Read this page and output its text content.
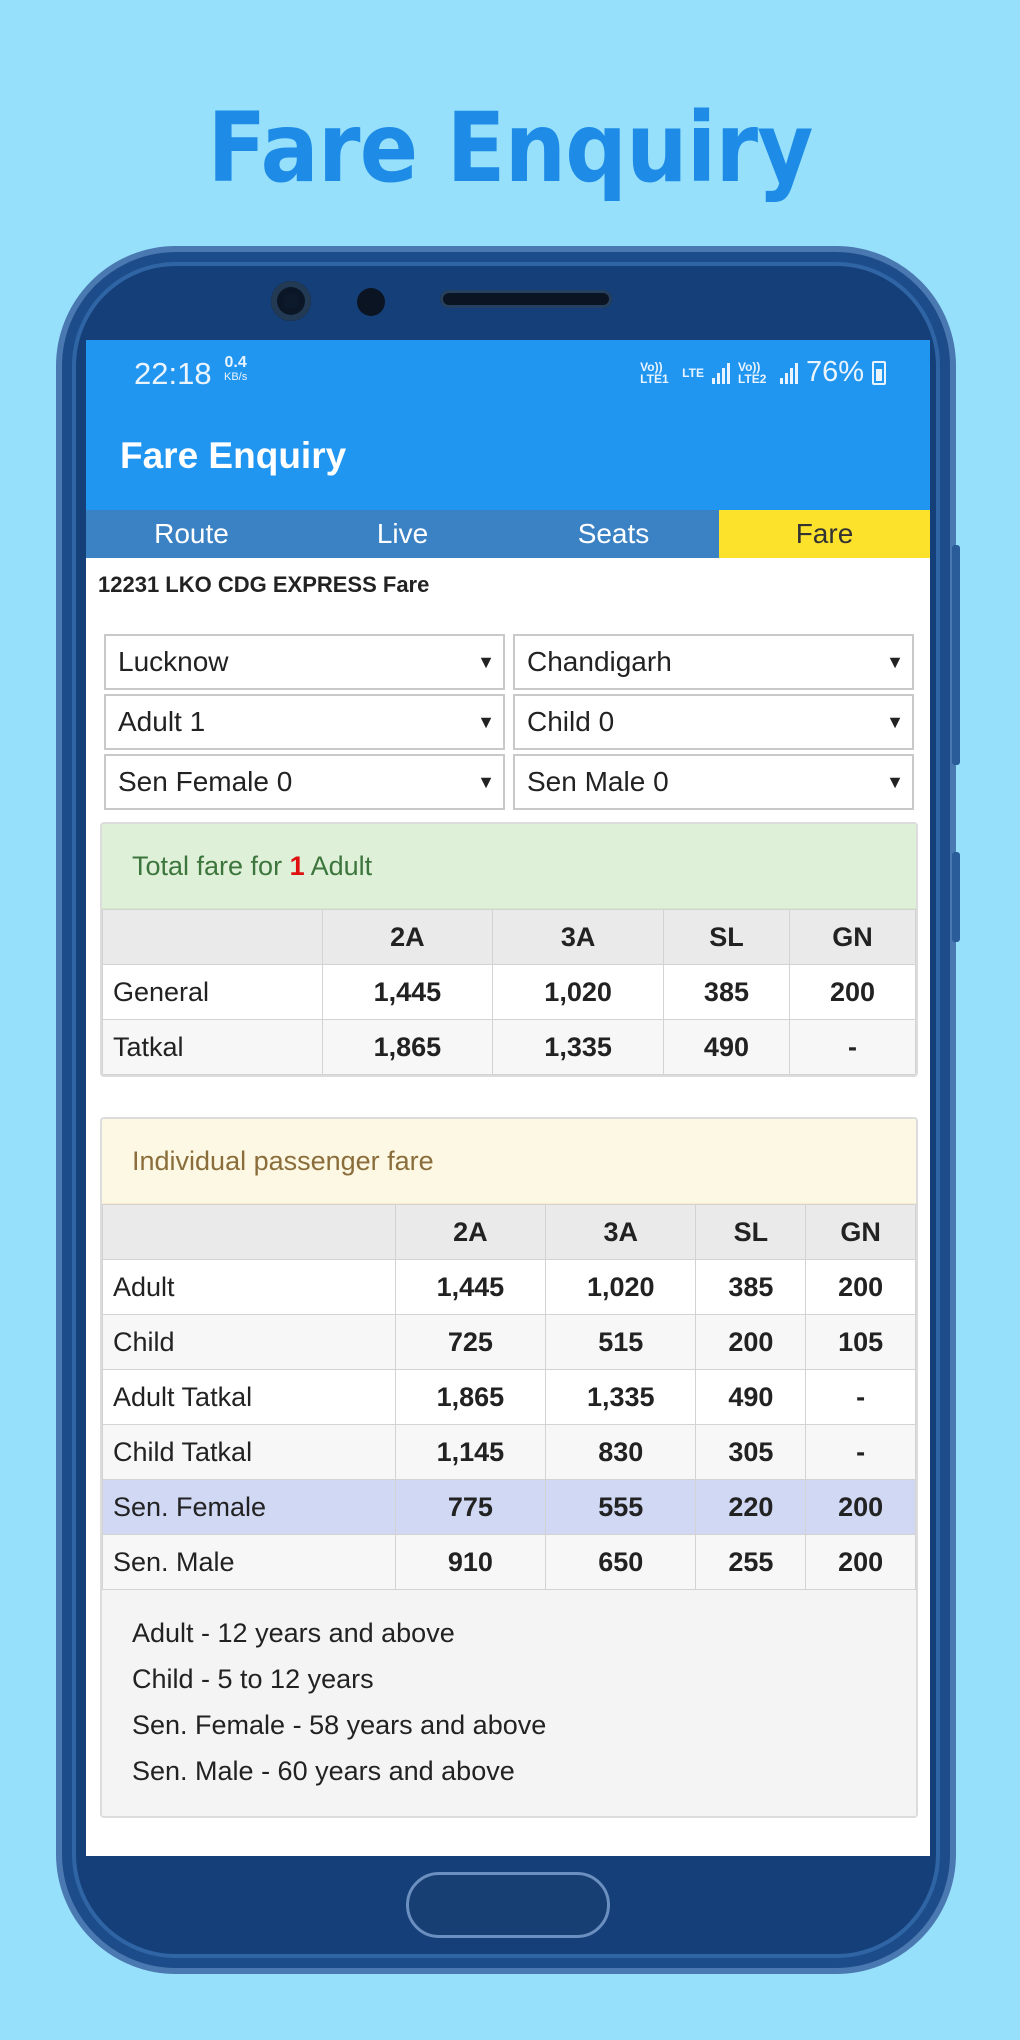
Fare Enquiry
22:18 0.4
KB/s
Vo)) LTE1	LTE	Vo)) LTE2 76%
Fare Enquiry
Route	Live	Seats	Fare
12231 LKO CDG EXPRESS Fare
Lucknow	▼	Chandigarh	▼
Adult 1	▼	Child 0	▼
Sen Female 0	▼	Sen Male 0	▼
Total fare for 1 Adult
	2A	3A	SL	GN
General	1,445	1,020	385	200
Tatkal	1,865	1,335	490	-
Individual passenger fare
	2A	3A	SL	GN
Adult	1,445	1,020	385	200
Child	725	515	200	105
Adult Tatkal	1,865	1,335	490	-
Child Tatkal	1,145	830	305	-
Sen. Female	775	555	220	200
Sen. Male	910	650	255	200
Adult - 12 years and above
Child - 5 to 12 years
Sen. Female - 58 years and above
Sen. Male - 60 years and above
